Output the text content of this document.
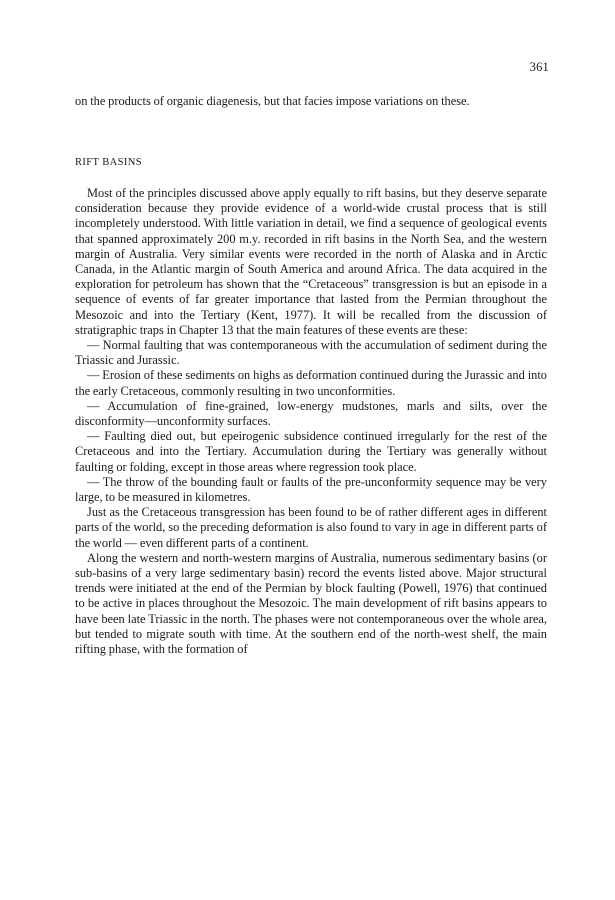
361

on the products of organic diagenesis, but that facies impose variations on these.

RIFT BASINS

Most of the principles discussed above apply equally to rift basins, but they deserve separate consideration because they provide evidence of a world-wide crustal process that is still incompletely understood. With little variation in detail, we find a sequence of geological events that spanned approximately 200 m.y. recorded in rift basins in the North Sea, and the western margin of Australia. Very similar events were recorded in the north of Alaska and in Arctic Canada, in the Atlantic margin of South America and around Africa. The data acquired in the exploration for petroleum has shown that the “Cretaceous” transgression is but an episode in a sequence of events of far greater importance that lasted from the Permian throughout the Mesozoic and into the Tertiary (Kent, 1977). It will be recalled from the discussion of stratigraphic traps in Chapter 13 that the main features of these events are these:

— Normal faulting that was contemporaneous with the accumulation of sediment during the Triassic and Jurassic.

— Erosion of these sediments on highs as deformation continued during the Jurassic and into the early Cretaceous, commonly resulting in two unconformities.

— Accumulation of fine-grained, low-energy mudstones, marls and silts, over the disconformity—unconformity surfaces.

— Faulting died out, but epeirogenic subsidence continued irregularly for the rest of the Cretaceous and into the Tertiary. Accumulation during the Tertiary was generally without faulting or folding, except in those areas where regression took place.

— The throw of the bounding fault or faults of the pre-unconformity sequence may be very large, to be measured in kilometres.

Just as the Cretaceous transgression has been found to be of rather different ages in different parts of the world, so the preceding deformation is also found to vary in age in different parts of the world — even different parts of a continent.

Along the western and north-western margins of Australia, numerous sedimentary basins (or sub-basins of a very large sedimentary basin) record the events listed above. Major structural trends were initiated at the end of the Permian by block faulting (Powell, 1976) that continued to be active in places throughout the Mesozoic. The main development of rift basins appears to have been late Triassic in the north. The phases were not contemporaneous over the whole area, but tended to migrate south with time. At the southern end of the north-west shelf, the main rifting phase, with the formation of
